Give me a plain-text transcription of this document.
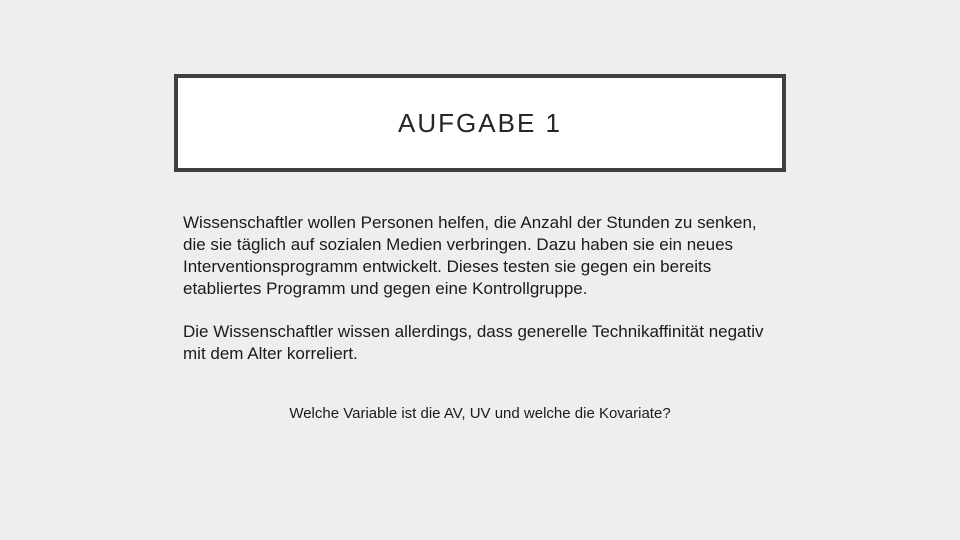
AUFGABE 1

Wissenschaftler wollen Personen helfen, die Anzahl der Stunden zu senken, die sie täglich auf sozialen Medien verbringen. Dazu haben sie ein neues Interventionsprogramm entwickelt. Dieses testen sie gegen ein bereits etabliertes Programm und gegen eine Kontrollgruppe.

Die Wissenschaftler wissen allerdings, dass generelle Technikaffinität negativ mit dem Alter korreliert.

Welche Variable ist die AV, UV und welche die Kovariate?
